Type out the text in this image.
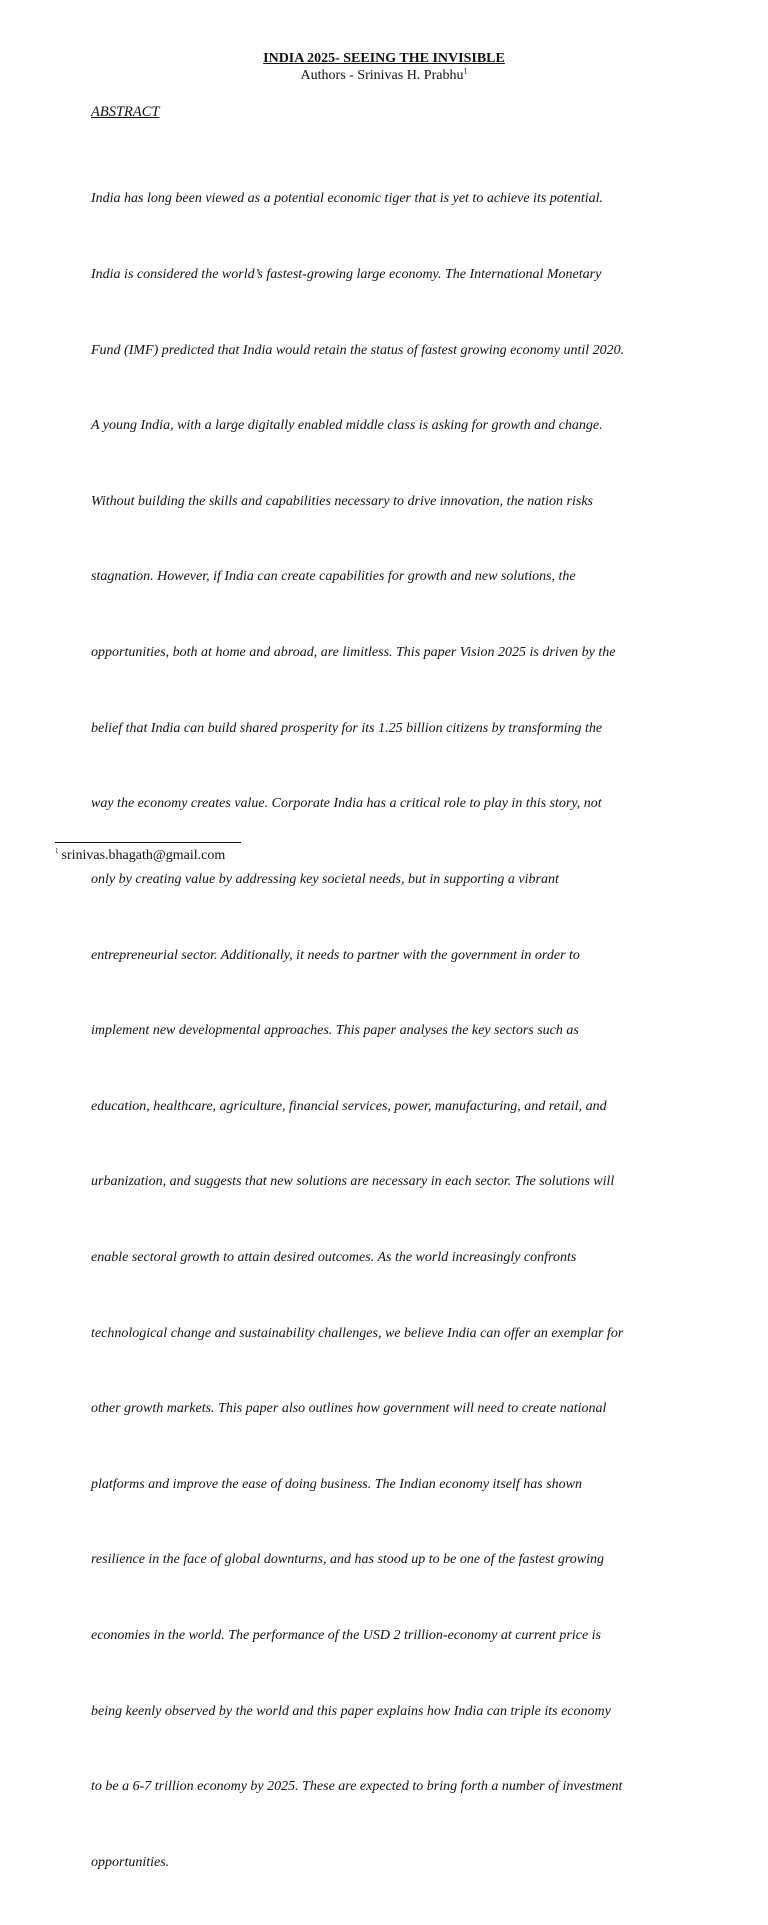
INDIA 2025- SEEING THE INVISIBLE
Authors - Srinivas H. Prabhu$^1$
ABSTRACT

India has long been viewed as a potential economic tiger that is yet to achieve its potential.

India is considered the world’s fastest-growing large economy. The International Monetary

Fund (IMF) predicted that India would retain the status of fastest growing economy until 2020.

A young India, with a large digitally enabled middle class is asking for growth and change.

Without building the skills and capabilities necessary to drive innovation, the nation risks

stagnation. However, if India can create capabilities for growth and new solutions, the

opportunities, both at home and abroad, are limitless. This paper Vision 2025 is driven by the

belief that India can build shared prosperity for its 1.25 billion citizens by transforming the

way the economy creates value. Corporate India has a critical role to play in this story, not

only by creating value by addressing key societal needs, but in supporting a vibrant

entrepreneurial sector. Additionally, it needs to partner with the government in order to

implement new developmental approaches. This paper analyses the key sectors such as

education, healthcare, agriculture, financial services, power, manufacturing, and retail, and

urbanization, and suggests that new solutions are necessary in each sector. The solutions will

enable sectoral growth to attain desired outcomes. As the world increasingly confronts

technological change and sustainability challenges, we believe India can offer an exemplar for

other growth markets. This paper also outlines how government will need to create national

platforms and improve the ease of doing business. The Indian economy itself has shown

resilience in the face of global downturns, and has stood up to be one of the fastest growing

economies in the world. The performance of the USD 2 trillion-economy at current price is

being keenly observed by the world and this paper explains how India can triple its economy

to be a 6-7 trillion economy by 2025. These are expected to bring forth a number of investment

opportunities.

$^1$ srinivas.bhagath@gmail.com
